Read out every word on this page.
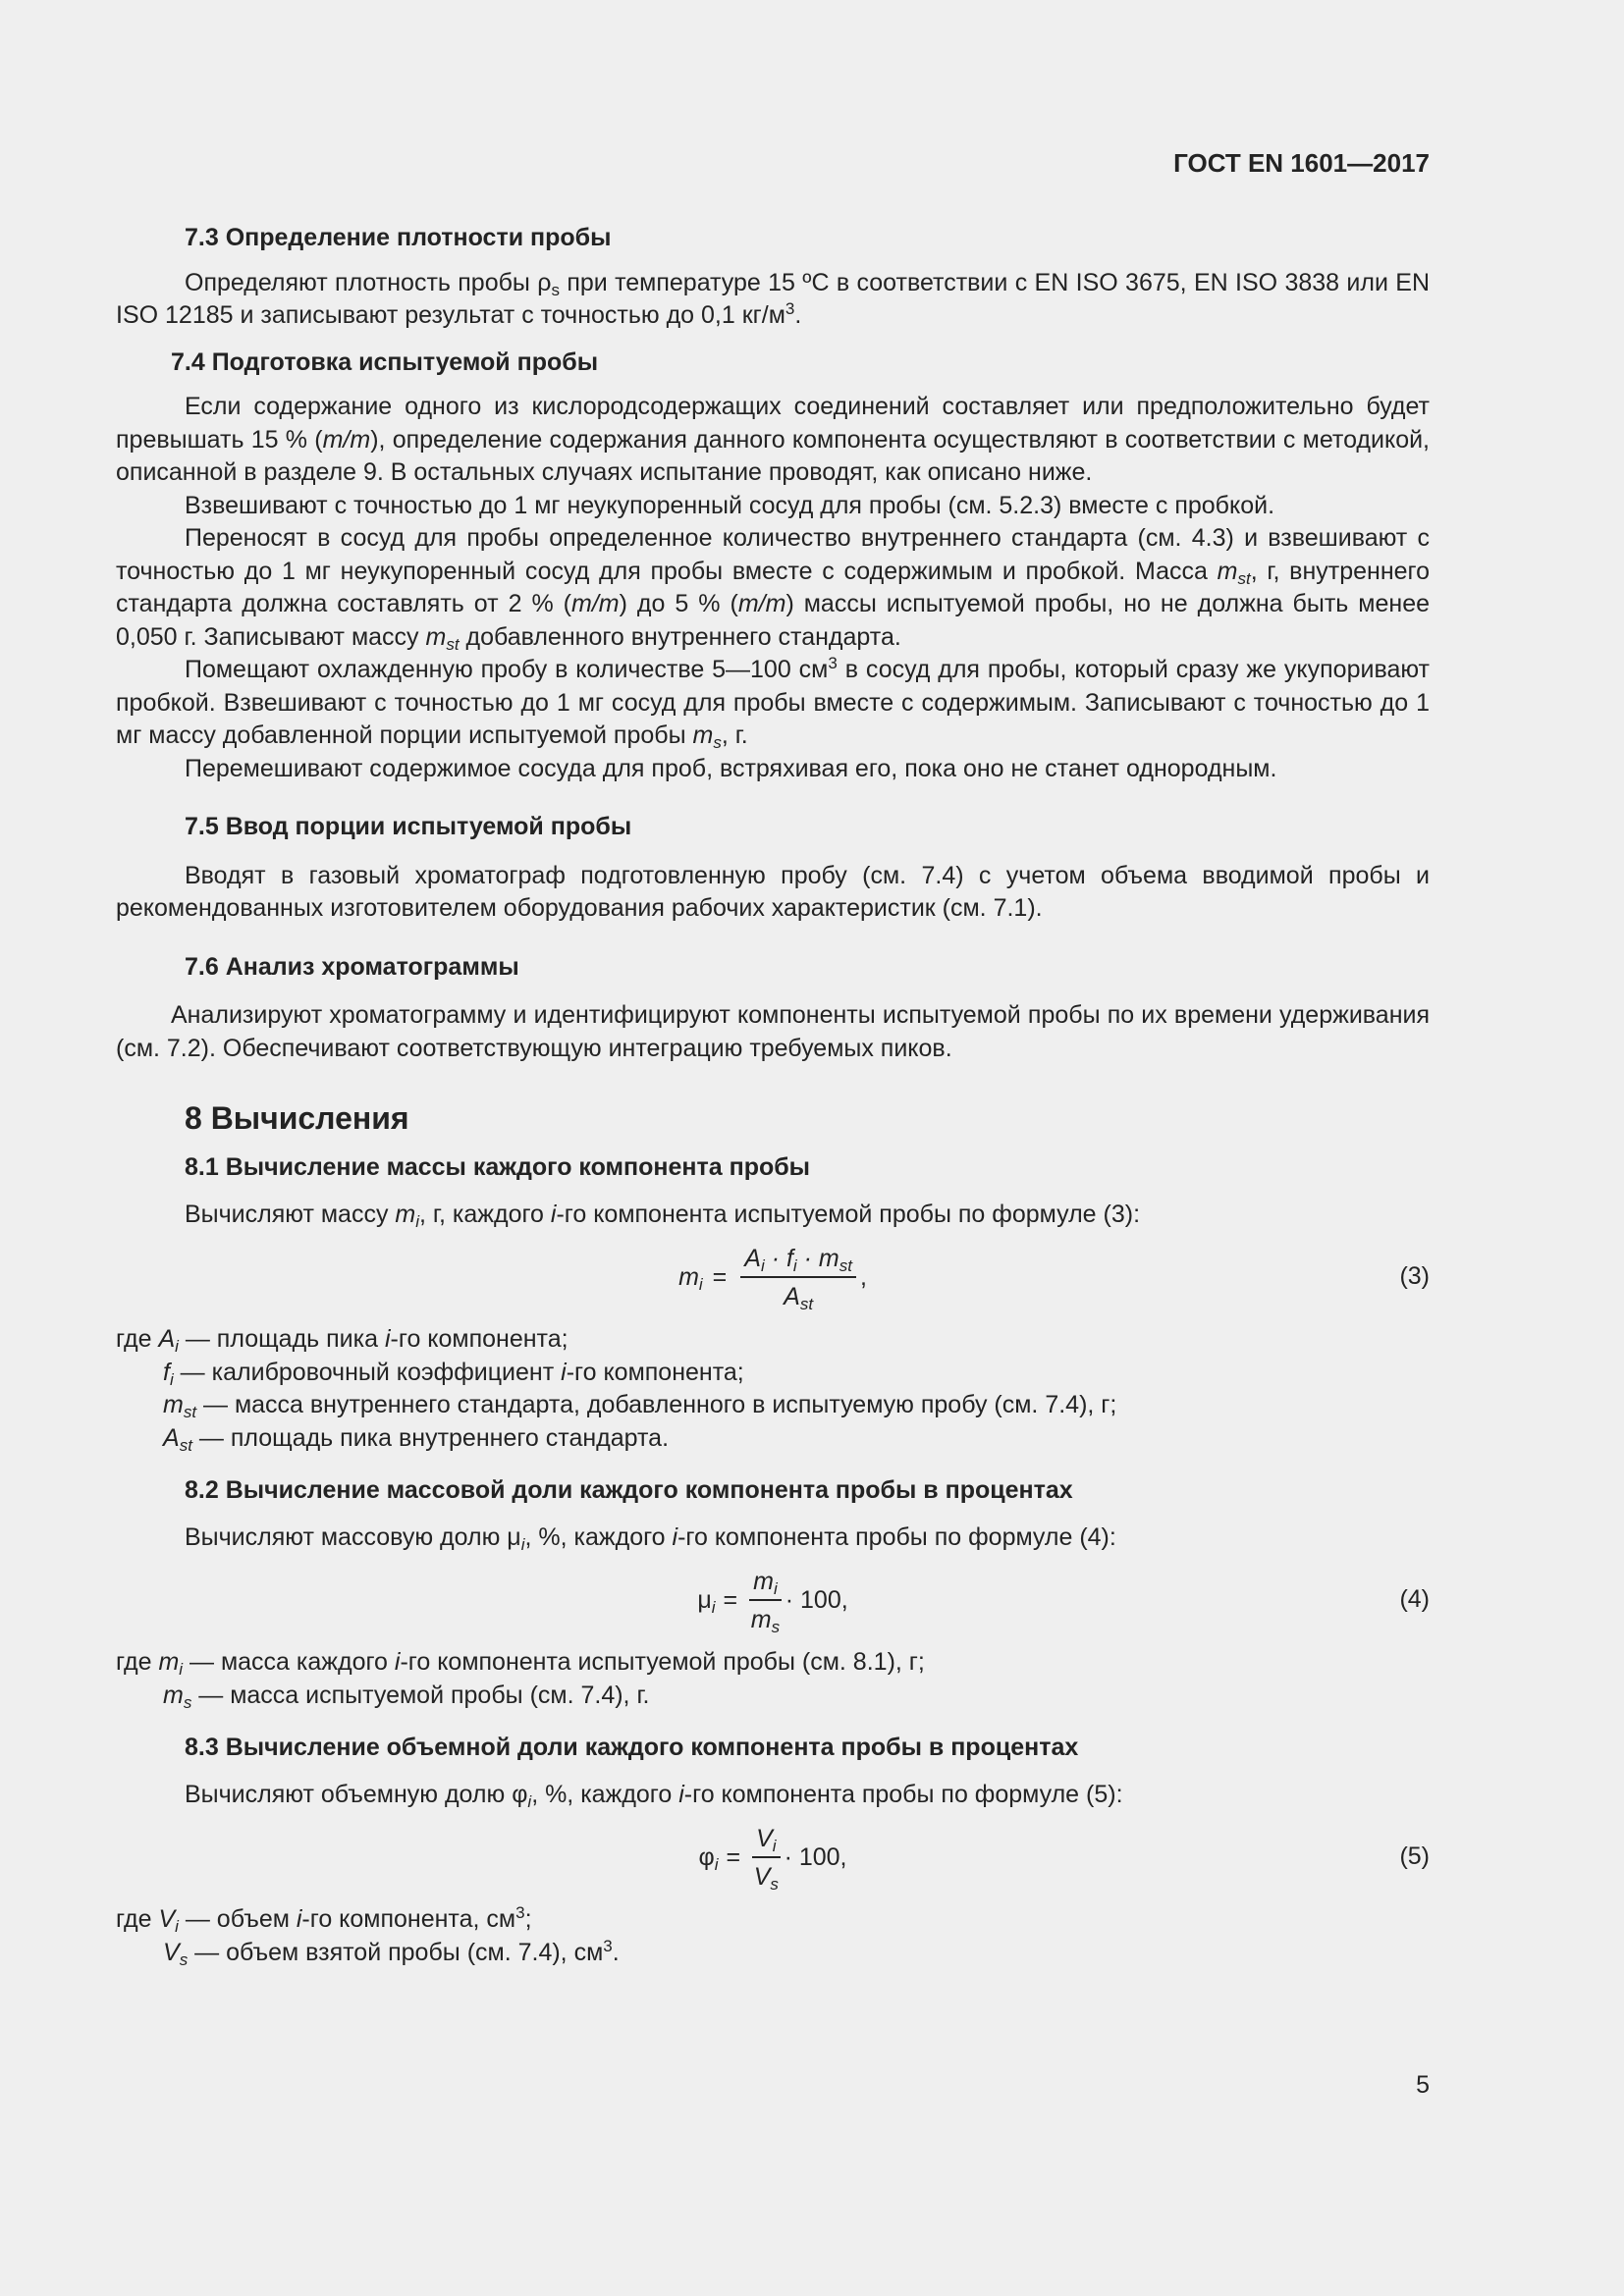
ГОСТ EN 1601—2017
7.3 Определение плотности пробы

Определяют плотность пробы $\rho_s$ при температуре 15 ºС в соответствии с EN ISO 3675, EN ISO 3838 или EN ISO 12185 и записывают результат с точностью до 0,1 $кг/м^3$.

7.4 Подготовка испытуемой пробы

Если содержание одного из кислородсодержащих соединений составляет или предположительно будет превышать 15 % (m/m), определение содержания данного компонента осуществляют в соответствии с методикой, описанной в разделе 9. В остальных случаях испытание проводят, как описано ниже.

Взвешивают с точностью до 1 мг неукупоренный сосуд для пробы (см. 5.2.3) вместе с пробкой.

Переносят в сосуд для пробы определенное количество внутреннего стандарта (см. 4.3) и взвешивают с точностью до 1 мг неукупоренный сосуд для пробы вместе с содержимым и пробкой. Масса $m_{st}$, г, внутреннего стандарта должна составлять от 2 % (m/m) до 5 % (m/m) массы испытуемой пробы, но не должна быть менее 0,050 г. Записывают массу $m_{st}$ добавленного внутреннего стандарта.

Помещают охлажденную пробу в количестве 5—100 $см^3$ в сосуд для пробы, который сразу же укупоривают пробкой. Взвешивают с точностью до 1 мг сосуд для пробы вместе с содержимым. Записывают с точностью до 1 мг массу добавленной порции испытуемой пробы $m_s$, г.

Перемешивают содержимое сосуда для проб, встряхивая его, пока оно не станет однородным.

7.5 Ввод порции испытуемой пробы

Вводят в газовый хроматограф подготовленную пробу (см. 7.4) с учетом объема вводимой пробы и рекомендованных изготовителем оборудования рабочих характеристик (см. 7.1).

7.6 Анализ хроматограммы

Анализируют хроматограмму и идентифицируют компоненты испытуемой пробы по их времени удерживания (см. 7.2). Обеспечивают соответствующую интеграцию требуемых пиков.

8 Вычисления
8.1 Вычисление массы каждого компонента пробы

Вычисляют массу $m_i$, г, каждого i-го компонента испытуемой пробы по формуле (3):

$m_i = \frac{A_i \cdot f_i \cdot m_{st}}{A_{st}}$ ,	(3)
где $A_i$ — площадь пика i-го компонента;
$f_i$ — калибровочный коэффициент i-го компонента;
$m_{st}$ — масса внутреннего стандарта, добавленного в испытуемую пробу (см. 7.4), г;
$A_{st}$ — площадь пика внутреннего стандарта.
8.2 Вычисление массовой доли каждого компонента пробы в процентах

Вычисляют массовую долю $\mu_i$, %, каждого i-го компонента пробы по формуле (4):

$\mu_i = \frac{m_i}{m_s} \cdot 100$,	(4)
где $m_i$ — масса каждого i-го компонента испытуемой пробы (см. 8.1), г;
$m_s$ — масса испытуемой пробы (см. 7.4), г.
8.3 Вычисление объемной доли каждого компонента пробы в процентах

Вычисляют объемную долю $\varphi_i$, %, каждого i-го компонента пробы по формуле (5):

$\varphi_i = \frac{V_i}{V_s} \cdot 100$,	(5)
где $V_i$ — объем i-го компонента, $см^3$;
$V_s$ — объем взятой пробы (см. 7.4), $см^3$.
5
